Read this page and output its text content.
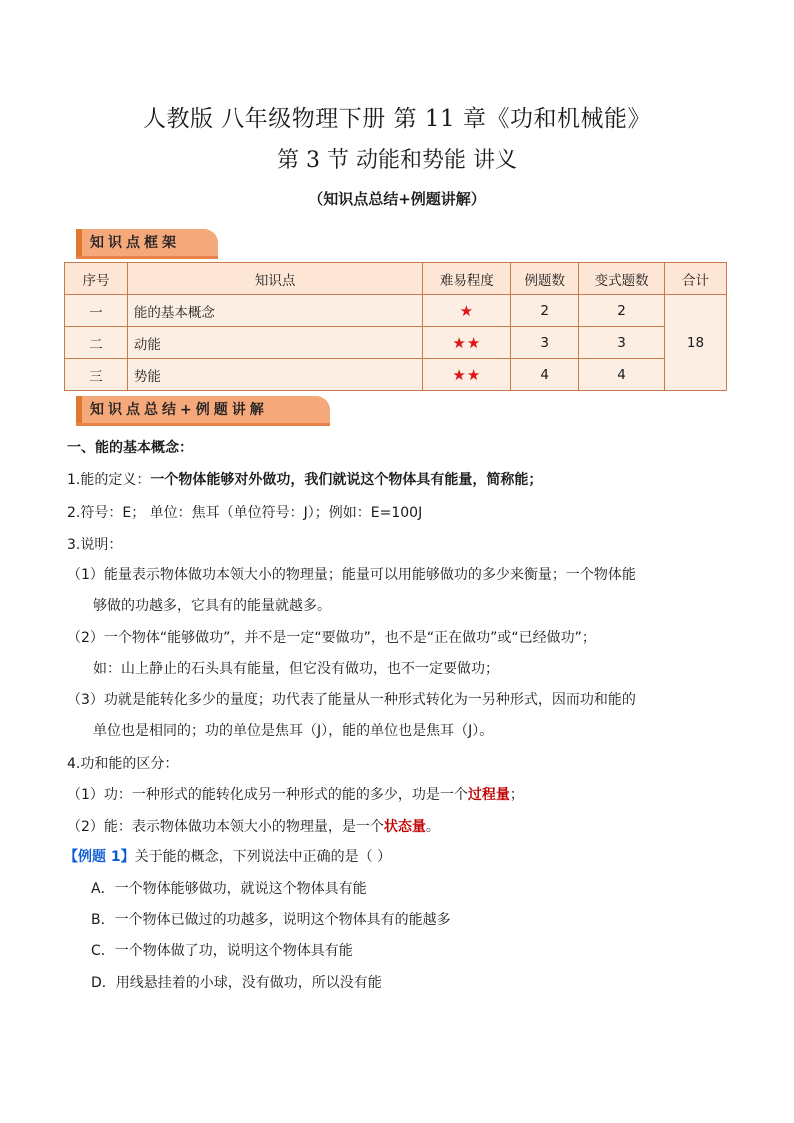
人教版 八年级物理下册 第 11 章《功和机械能》
第 3 节 动能和势能 讲义
（知识点总结+例题讲解）
知识点框架
序号	知识点	难易程度	例题数	变式题数	合计
一	能的基本概念	★	2	2	18
二	动能	★★	3	3	
三	势能	★★	4	4	
知识点总结+例题讲解
一、能的基本概念：
1.能的定义：一个物体能够对外做功，我们就说这个物体具有能量，简称能；
2.符号：E； 单位：焦耳（单位符号：J）；例如：E=100J
3.说明：
（1）能量表示物体做功本领大小的物理量；能量可以用能够做功的多少来衡量；一个物体能
够做的功越多，它具有的能量就越多。
（2）一个物体“能够做功”，并不是一定“要做功”，也不是“正在做功”或“已经做功”；
如：山上静止的石头具有能量，但它没有做功，也不一定要做功；
（3）功就是能转化多少的量度；功代表了能量从一种形式转化为一另种形式，因而功和能的
单位也是相同的；功的单位是焦耳（J），能的单位也是焦耳（J）。
4.功和能的区分：
（1）功：一种形式的能转化成另一种形式的能的多少，功是一个过程量；
（2）能：表示物体做功本领大小的物理量，是一个状态量。
【例题 1】关于能的概念，下列说法中正确的是（ ）
A．一个物体能够做功，就说这个物体具有能
B．一个物体已做过的功越多，说明这个物体具有的能越多
C．一个物体做了功，说明这个物体具有能
D．用线悬挂着的小球，没有做功，所以没有能
